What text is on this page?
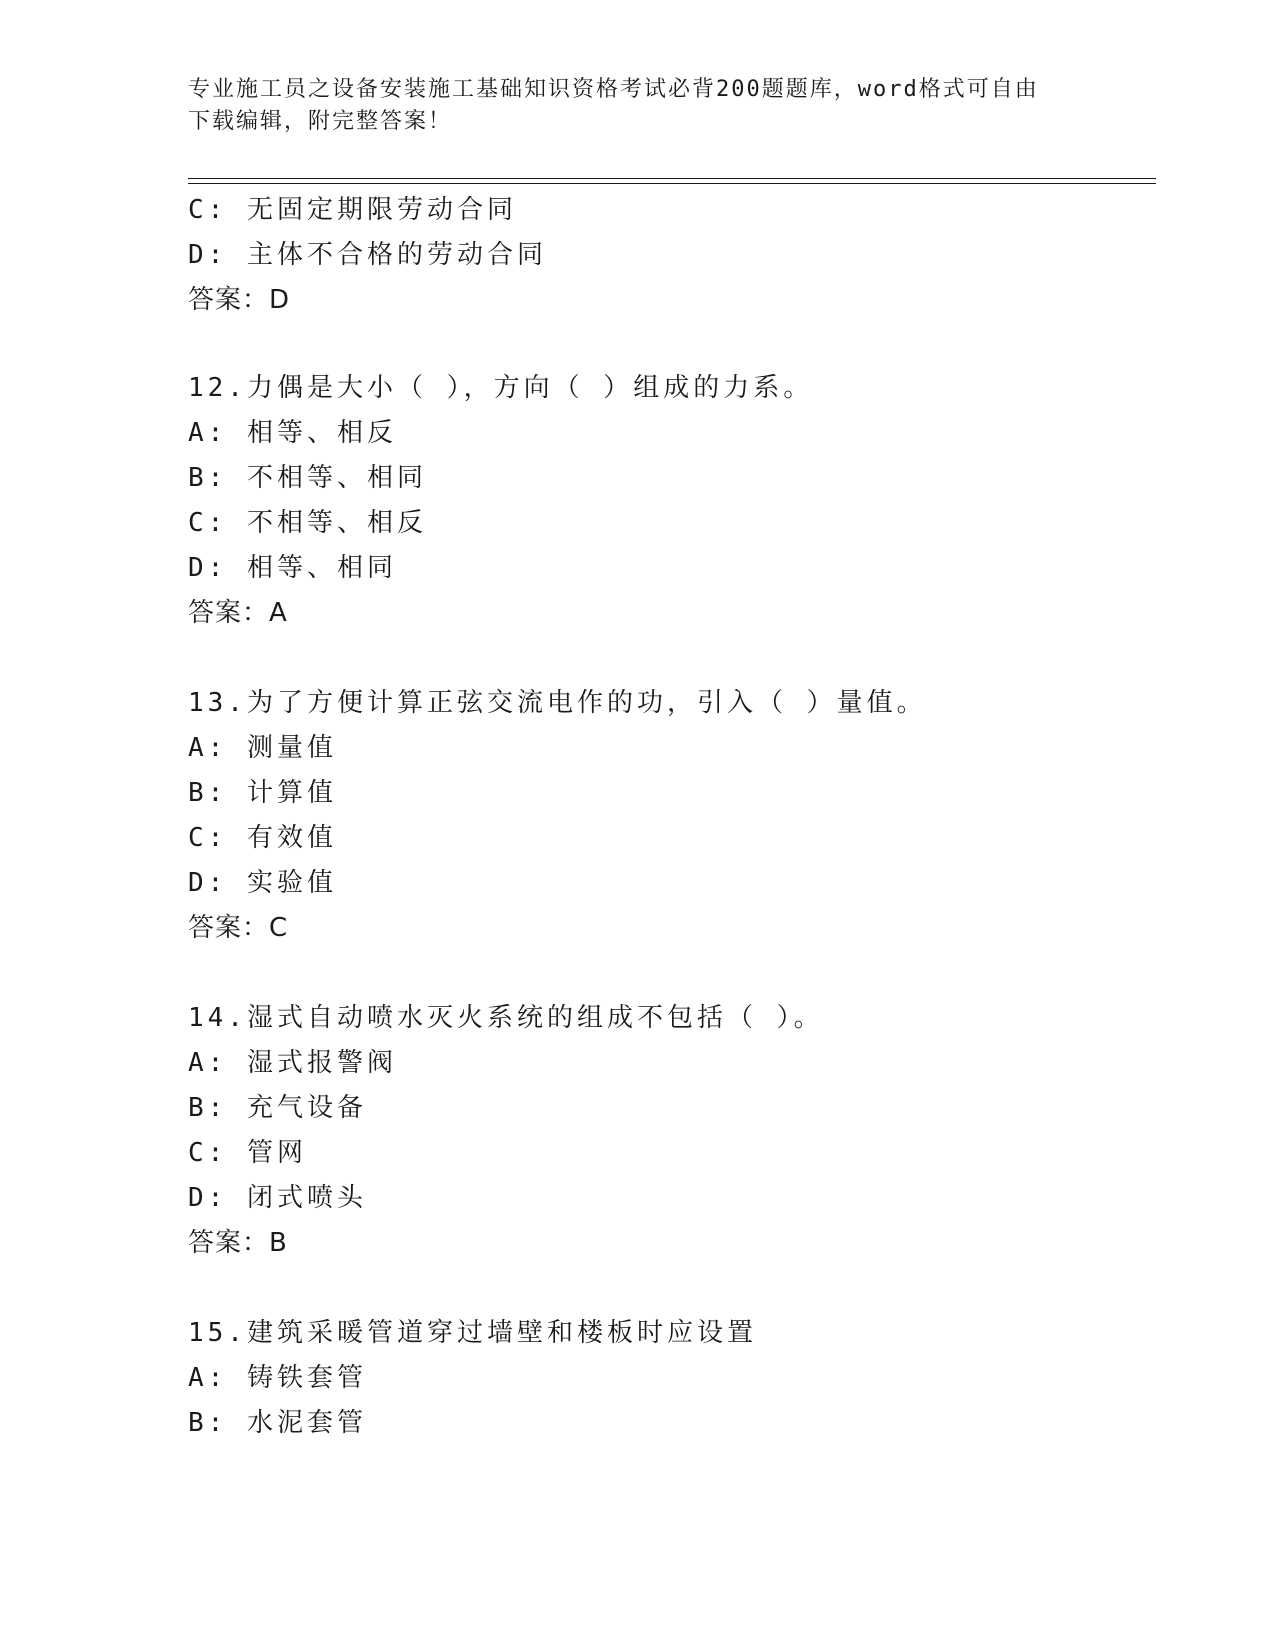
专业施工员之设备安装施工基础知识资格考试必背200题题库，word格式可自由
下载编辑，附完整答案！
C: 无固定期限劳动合同
D: 主体不合格的劳动合同
答案：D
12.力偶是大小（ ），方向（ ）组成的力系。
A: 相等、相反
B: 不相等、相同
C: 不相等、相反
D: 相等、相同
答案：A
13.为了方便计算正弦交流电作的功，引入（ ）量值。
A: 测量值
B: 计算值
C: 有效值
D: 实验值
答案：C
14.湿式自动喷水灭火系统的组成不包括（ ）。
A: 湿式报警阀
B: 充气设备
C: 管网
D: 闭式喷头
答案：B
15.建筑采暖管道穿过墙壁和楼板时应设置
A: 铸铁套管
B: 水泥套管
